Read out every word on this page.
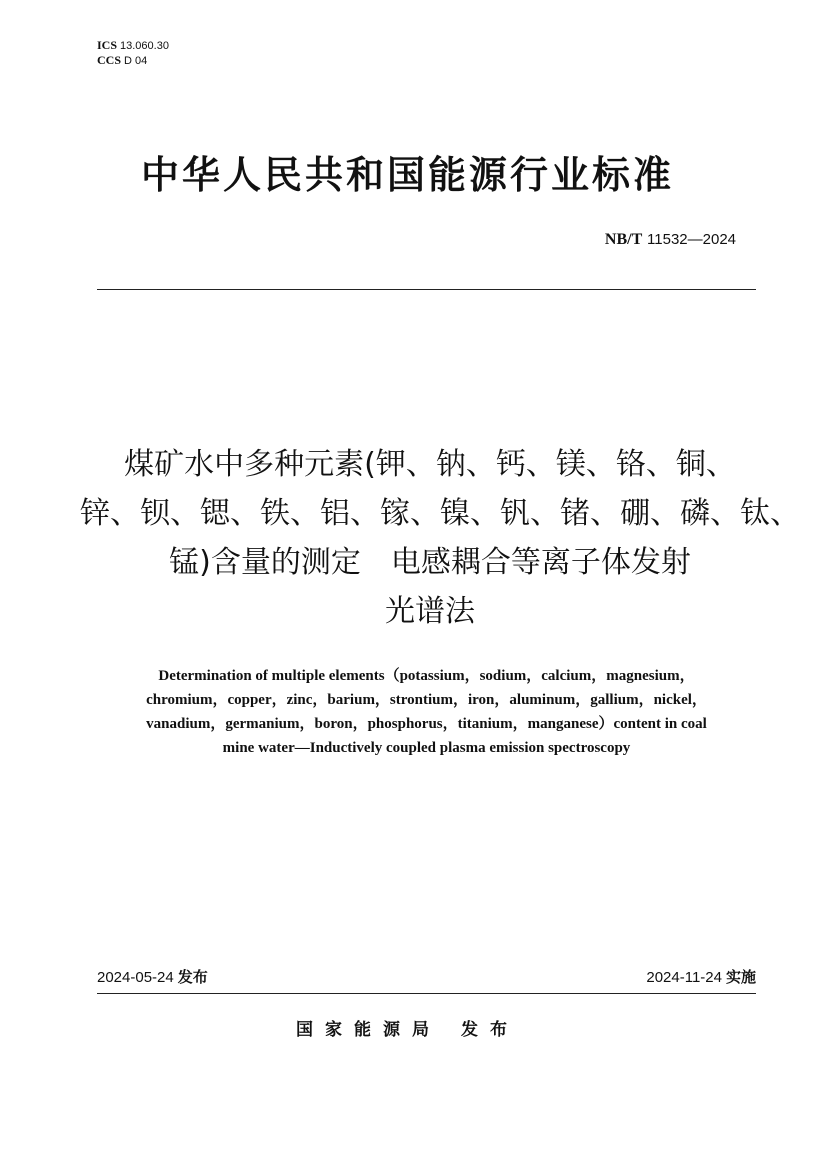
ICS 13.060.30
CCS D 04
中华人民共和国能源行业标准
NB/T 11532—2024
煤矿水中多种元素(钾、钠、钙、镁、铬、铜、
锌、钡、锶、铁、铝、镓、镍、钒、锗、硼、磷、钛、
锰)含量的测定　电感耦合等离子体发射
光谱法
Determination of multiple elements（potassium，sodium，calcium，magnesium，
chromium，copper，zinc，barium，strontium，iron，aluminum，gallium，nickel，
vanadium，germanium，boron，phosphorus，titanium，manganese）content in coal
mine water—Inductively coupled plasma emission spectroscopy
2024-05-24 发布	2024-11-24 实施
国家能源局 发布
